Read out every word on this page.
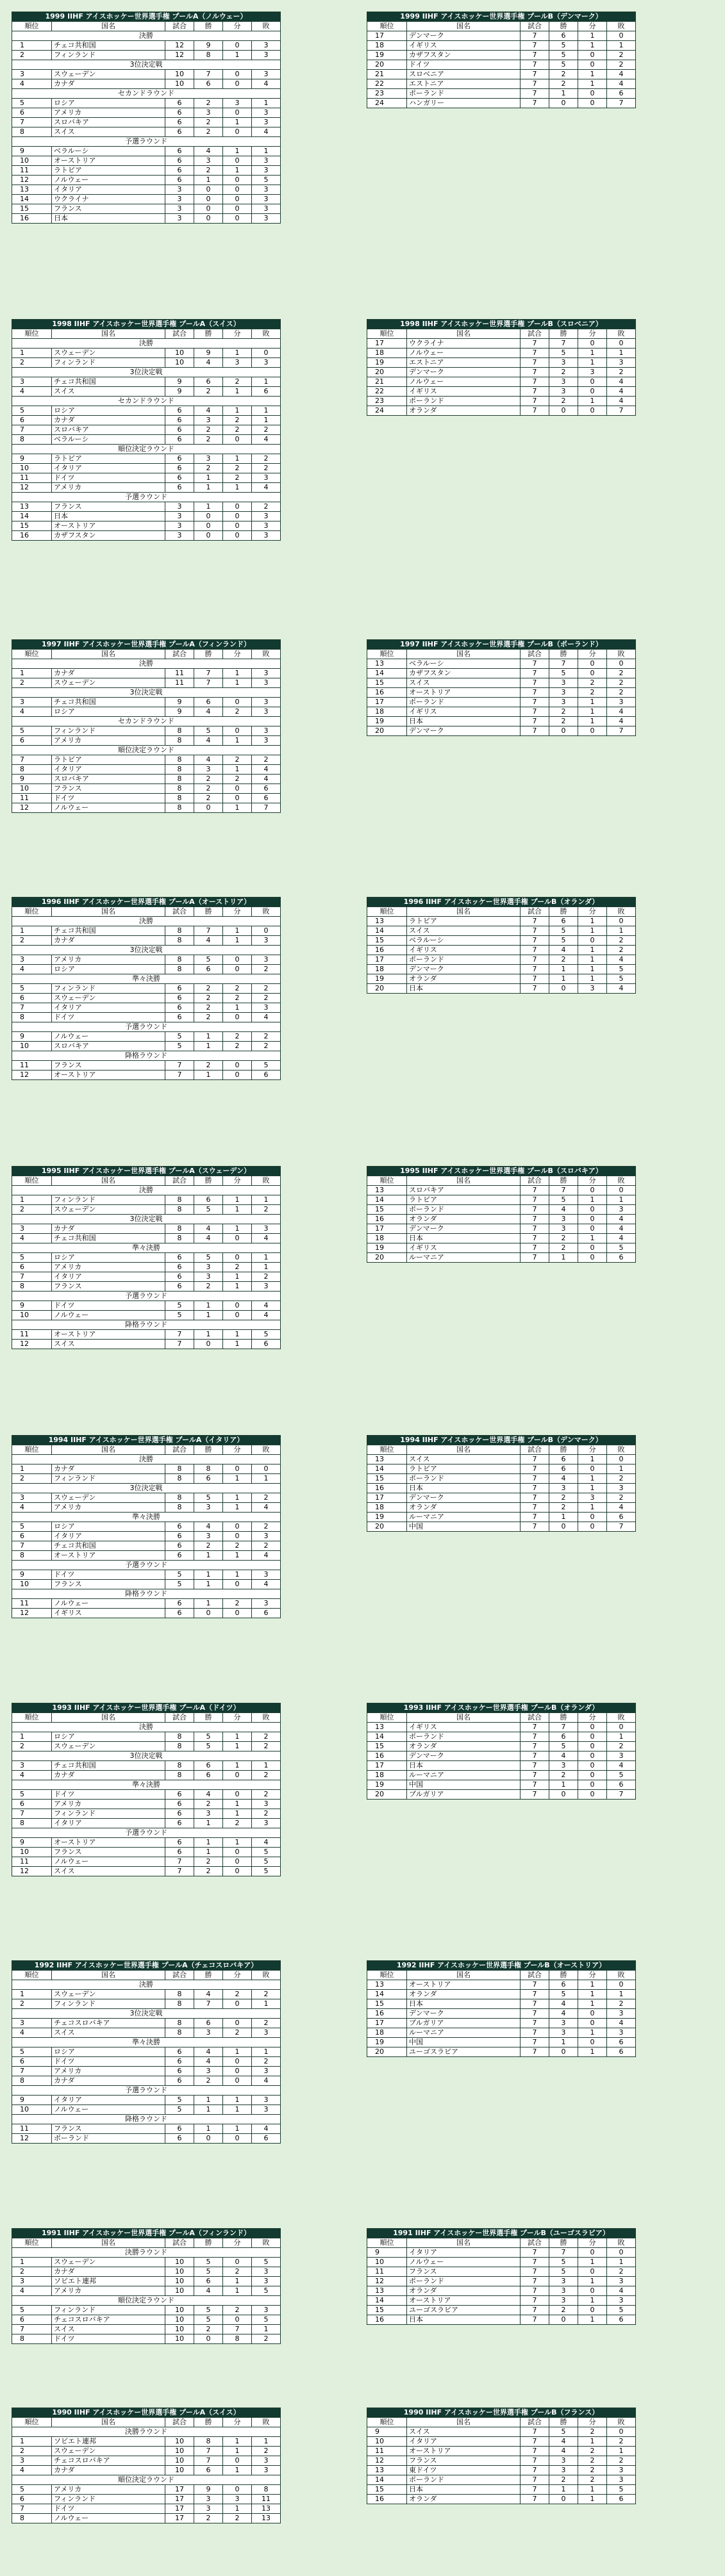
1999 IIHF アイスホッケー世界選手権 プールA（ノルウェー）					
順位	国名	試合	勝	分	敗
決勝					
1	チェコ共和国	12	9	0	3
2	フィンランド	12	8	1	3
3位決定戦					
3	スウェーデン	10	7	0	3
4	カナダ	10	6	0	4
セカンドラウンド					
5	ロシア	6	2	3	1
6	アメリカ	6	3	0	3
7	スロバキア	6	2	1	3
8	スイス	6	2	0	4
予選ラウンド					
9	ベラルーシ	6	4	1	1
10	オーストリア	6	3	0	3
11	ラトビア	6	2	1	3
12	ノルウェー	6	1	0	5
13	イタリア	3	0	0	3
14	ウクライナ	3	0	0	3
15	フランス	3	0	0	3
16	日本	3	0	0	3
1999 IIHF アイスホッケー世界選手権 プールB（デンマーク）					
順位	国名	試合	勝	分	敗
17	デンマーク	7	6	1	0
18	イギリス	7	5	1	1
19	カザフスタン	7	5	0	2
20	ドイツ	7	5	0	2
21	スロベニア	7	2	1	4
22	エストニア	7	2	1	4
23	ポーランド	7	1	0	6
24	ハンガリー	7	0	0	7
1998 IIHF アイスホッケー世界選手権 プールA（スイス）					
順位	国名	試合	勝	分	敗
決勝					
1	スウェーデン	10	9	1	0
2	フィンランド	10	4	3	3
3位決定戦					
3	チェコ共和国	9	6	2	1
4	スイス	9	2	1	6
セカンドラウンド					
5	ロシア	6	4	1	1
6	カナダ	6	3	2	1
7	スロバキア	6	2	2	2
8	ベラルーシ	6	2	0	4
順位決定ラウンド					
9	ラトビア	6	3	1	2
10	イタリア	6	2	2	2
11	ドイツ	6	1	2	3
12	アメリカ	6	1	1	4
予選ラウンド					
13	フランス	3	1	0	2
14	日本	3	0	0	3
15	オーストリア	3	0	0	3
16	カザフスタン	3	0	0	3
1998 IIHF アイスホッケー世界選手権 プールB（スロベニア）					
順位	国名	試合	勝	分	敗
17	ウクライナ	7	7	0	0
18	ノルウェー	7	5	1	1
19	エストニア	7	3	1	3
20	デンマーク	7	2	3	2
21	ノルウェー	7	3	0	4
22	イギリス	7	3	0	4
23	ポーランド	7	2	1	4
24	オランダ	7	0	0	7
1997 IIHF アイスホッケー世界選手権 プールA（フィンランド）					
順位	国名	試合	勝	分	敗
決勝					
1	カナダ	11	7	1	3
2	スウェーデン	11	7	1	3
3位決定戦					
3	チェコ共和国	9	6	0	3
4	ロシア	9	4	2	3
セカンドラウンド					
5	フィンランド	8	5	0	3
6	アメリカ	8	4	1	3
順位決定ラウンド					
7	ラトビア	8	4	2	2
8	イタリア	8	3	1	4
9	スロバキア	8	2	2	4
10	フランス	8	2	0	6
11	ドイツ	8	2	0	6
12	ノルウェー	8	0	1	7
1997 IIHF アイスホッケー世界選手権 プールB（ポーランド）					
順位	国名	試合	勝	分	敗
13	ベラルーシ	7	7	0	0
14	カザフスタン	7	5	0	2
15	スイス	7	3	2	2
16	オーストリア	7	3	2	2
17	ポーランド	7	3	1	3
18	イギリス	7	2	1	4
19	日本	7	2	1	4
20	デンマーク	7	0	0	7
1996 IIHF アイスホッケー世界選手権 プールA（オーストリア）					
順位	国名	試合	勝	分	敗
決勝					
1	チェコ共和国	8	7	1	0
2	カナダ	8	4	1	3
3位決定戦					
3	アメリカ	8	5	0	3
4	ロシア	8	6	0	2
準々決勝					
5	フィンランド	6	2	2	2
6	スウェーデン	6	2	2	2
7	イタリア	6	2	1	3
8	ドイツ	6	2	0	4
予選ラウンド					
9	ノルウェー	5	1	2	2
10	スロバキア	5	1	2	2
降格ラウンド					
11	フランス	7	2	0	5
12	オーストリア	7	1	0	6
1996 IIHF アイスホッケー世界選手権 プールB（オランダ）					
順位	国名	試合	勝	分	敗
13	ラトビア	7	6	1	0
14	スイス	7	5	1	1
15	ベラルーシ	7	5	0	2
16	イギリス	7	4	1	2
17	ポーランド	7	2	1	4
18	デンマーク	7	1	1	5
19	オランダ	7	1	1	5
20	日本	7	0	3	4
1995 IIHF アイスホッケー世界選手権 プールA（スウェーデン）					
順位	国名	試合	勝	分	敗
決勝					
1	フィンランド	8	6	1	1
2	スウェーデン	8	5	1	2
3位決定戦					
3	カナダ	8	4	1	3
4	チェコ共和国	8	4	0	4
準々決勝					
5	ロシア	6	5	0	1
6	アメリカ	6	3	2	1
7	イタリア	6	3	1	2
8	フランス	6	2	1	3
予選ラウンド					
9	ドイツ	5	1	0	4
10	ノルウェー	5	1	0	4
降格ラウンド					
11	オーストリア	7	1	1	5
12	スイス	7	0	1	6
1995 IIHF アイスホッケー世界選手権 プールB（スロバキア）					
順位	国名	試合	勝	分	敗
13	スロバキア	7	7	0	0
14	ラトビア	7	5	1	1
15	ポーランド	7	4	0	3
16	オランダ	7	3	0	4
17	デンマーク	7	3	0	4
18	日本	7	2	1	4
19	イギリス	7	2	0	5
20	ルーマニア	7	1	0	6
1994 IIHF アイスホッケー世界選手権 プールA（イタリア）					
順位	国名	試合	勝	分	敗
決勝					
1	カナダ	8	8	0	0
2	フィンランド	8	6	1	1
3位決定戦					
3	スウェーデン	8	5	1	2
4	アメリカ	8	3	1	4
準々決勝					
5	ロシア	6	4	0	2
6	イタリア	6	3	0	3
7	チェコ共和国	6	2	2	2
8	オーストリア	6	1	1	4
予選ラウンド					
9	ドイツ	5	1	1	3
10	フランス	5	1	0	4
降格ラウンド					
11	ノルウェー	6	1	2	3
12	イギリス	6	0	0	6
1994 IIHF アイスホッケー世界選手権 プールB（デンマーク）					
順位	国名	試合	勝	分	敗
13	スイス	7	6	1	0
14	ラトビア	7	6	0	1
15	ポーランド	7	4	1	2
16	日本	7	3	1	3
17	デンマーク	7	2	3	2
18	オランダ	7	2	1	4
19	ルーマニア	7	1	0	6
20	中国	7	0	0	7
1993 IIHF アイスホッケー世界選手権 プールA（ドイツ）					
順位	国名	試合	勝	分	敗
決勝					
1	ロシア	8	5	1	2
2	スウェーデン	8	5	1	2
3位決定戦					
3	チェコ共和国	8	6	1	1
4	カナダ	8	6	0	2
準々決勝					
5	ドイツ	6	4	0	2
6	アメリカ	6	2	1	3
7	フィンランド	6	3	1	2
8	イタリア	6	1	2	3
予選ラウンド					
9	オーストリア	6	1	1	4
10	フランス	6	1	0	5
11	ノルウェー	7	2	0	5
12	スイス	7	2	0	5
1993 IIHF アイスホッケー世界選手権 プールB（オランダ）					
順位	国名	試合	勝	分	敗
13	イギリス	7	7	0	0
14	ポーランド	7	6	0	1
15	オランダ	7	5	0	2
16	デンマーク	7	4	0	3
17	日本	7	3	0	4
18	ルーマニア	7	2	0	5
19	中国	7	1	0	6
20	ブルガリア	7	0	0	7
1992 IIHF アイスホッケー世界選手権 プールA（チェコスロバキア）					
順位	国名	試合	勝	分	敗
決勝					
1	スウェーデン	8	4	2	2
2	フィンランド	8	7	0	1
3位決定戦					
3	チェコスロバキア	8	6	0	2
4	スイス	8	3	2	3
準々決勝					
5	ロシア	6	4	1	1
6	ドイツ	6	4	0	2
7	アメリカ	6	3	0	3
8	カナダ	6	2	0	4
予選ラウンド					
9	イタリア	5	1	1	3
10	ノルウェー	5	1	1	3
降格ラウンド					
11	フランス	6	1	1	4
12	ポーランド	6	0	0	6
1992 IIHF アイスホッケー世界選手権 プールB（オーストリア）					
順位	国名	試合	勝	分	敗
13	オーストリア	7	6	1	0
14	オランダ	7	5	1	1
15	日本	7	4	1	2
16	デンマーク	7	4	0	3
17	ブルガリア	7	3	0	4
18	ルーマニア	7	3	1	3
19	中国	7	1	0	6
20	ユーゴスラビア	7	0	1	6
1991 IIHF アイスホッケー世界選手権 プールA（フィンランド）					
順位	国名	試合	勝	分	敗
決勝ラウンド					
1	スウェーデン	10	5	0	5
2	カナダ	10	5	2	3
3	ソビエト連邦	10	6	1	3
4	アメリカ	10	4	1	5
順位決定ラウンド					
5	フィンランド	10	5	2	3
6	チェコスロバキア	10	5	0	5
7	スイス	10	2	7	1
8	ドイツ	10	0	8	2
1991 IIHF アイスホッケー世界選手権 プールB（ユーゴスラビア）					
順位	国名	試合	勝	分	敗
9	イタリア	7	7	0	0
10	ノルウェー	7	5	1	1
11	フランス	7	5	0	2
12	ポーランド	7	3	1	3
13	オランダ	7	3	0	4
14	オーストリア	7	3	1	3
15	ユーゴスラビア	7	2	0	5
16	日本	7	0	1	6
1990 IIHF アイスホッケー世界選手権 プールA（スイス）					
順位	国名	試合	勝	分	敗
決勝ラウンド					
1	ソビエト連邦	10	8	1	1
2	スウェーデン	10	7	1	2
3	チェコスロバキア	10	7	0	3
4	カナダ	10	6	1	3
順位決定ラウンド					
5	アメリカ	17	9	0	8
6	フィンランド	17	3	3	11
7	ドイツ	17	3	1	13
8	ノルウェー	17	2	2	13
1990 IIHF アイスホッケー世界選手権 プールB（フランス）					
順位	国名	試合	勝	分	敗
9	スイス	7	5	2	0
10	イタリア	7	4	1	2
11	オーストリア	7	4	2	1
12	フランス	7	3	2	2
13	東ドイツ	7	3	2	3
14	ポーランド	7	2	2	3
15	日本	7	1	1	5
16	オランダ	7	0	1	6
